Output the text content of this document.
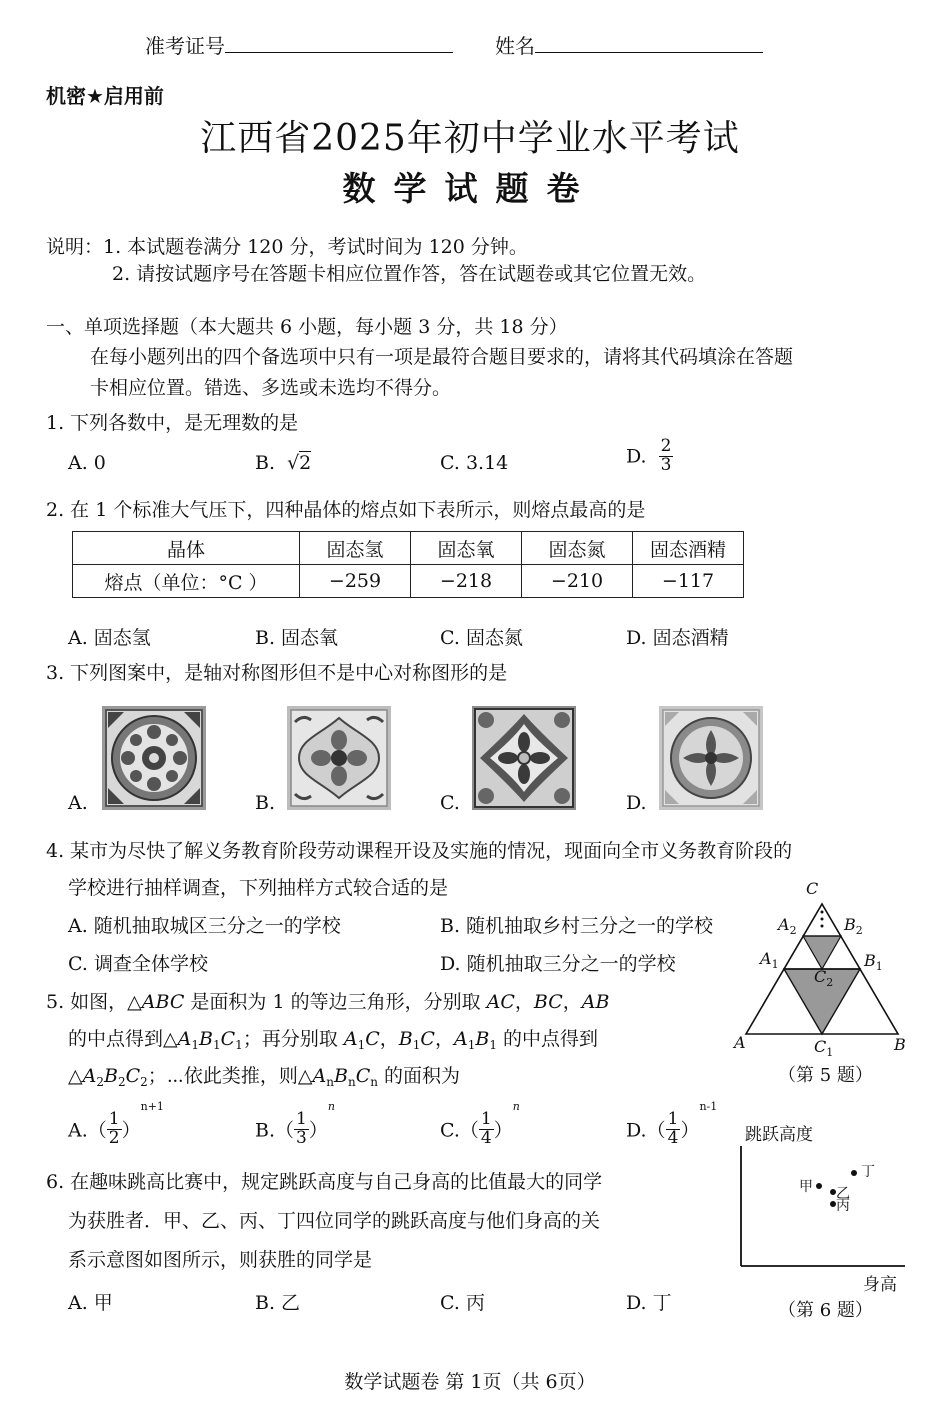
准考证号	姓名
机密★启用前
江西省2025年初中学业水平考试
数学试题卷
说明：1. 本试题卷满分 120 分，考试时间为 120 分钟。
2. 请按试题序号在答题卡相应位置作答，答在试题卷或其它位置无效。
一、单项选择题（本大题共 6 小题，每小题 3 分，共 18 分）
在每小题列出的四个备选项中只有一项是最符合题目要求的，请将其代码填涂在答题
卡相应位置。错选、多选或未选均不得分。
1. 下列各数中，是无理数的是
A. 0	B. √2	C. 3.14	D. $\frac{2}{3}$
2. 在 1 个标准大气压下，四种晶体的熔点如下表所示，则熔点最高的是
晶体	固态氢	固态氧	固态氮	固态酒精
熔点（单位：°C ）	−259	−218	−210	−117
A. 固态氢	B. 固态氧	C. 固态氮	D. 固态酒精
3. 下列图案中，是轴对称图形但不是中心对称图形的是
A.	B.	C.	D.
4. 某市为尽快了解义务教育阶段劳动课程开设及实施的情况，现面向全市义务教育阶段的
学校进行抽样调查，下列抽样方式较合适的是
A. 随机抽取城区三分之一的学校	B. 随机抽取乡村三分之一的学校
C. 调查全体学校	D. 随机抽取三分之一的学校
5. 如图，△ABC 是面积为 1 的等边三角形，分别取 AC，BC，AB
的中点得到$\triangle A_1B_1C_1$；再分别取 $A_1C$，$B_1C$，$A_1B_1$ 的中点得到
$\triangle A_2B_2C_2$；⋯依此类推，则$\triangle A_nB_nC_n$ 的面积为
$A.( \frac{1}{2} )^{n+1}$
$B.( \frac{1}{3} )^n$
$C.( \frac{1}{4} )^n$
$D.( \frac{1}{4} )^{n-1}$
C
$A_2$	$B_2$
$A_1$	$B_1$
$C_2$
A	$C_1$	B
（第 5 题）
6. 在趣味跳高比赛中，规定跳跃高度与自己身高的比值最大的同学
为获胜者．甲、乙、丙、丁四位同学的跳跃高度与他们身高的关
系示意图如图所示，则获胜的同学是
A. 甲	B. 乙	C. 丙	D. 丁
跳跃高度
身高
甲 乙
丙
丁
（第 6 题）
数学试题卷 第 1页（共 6页）
